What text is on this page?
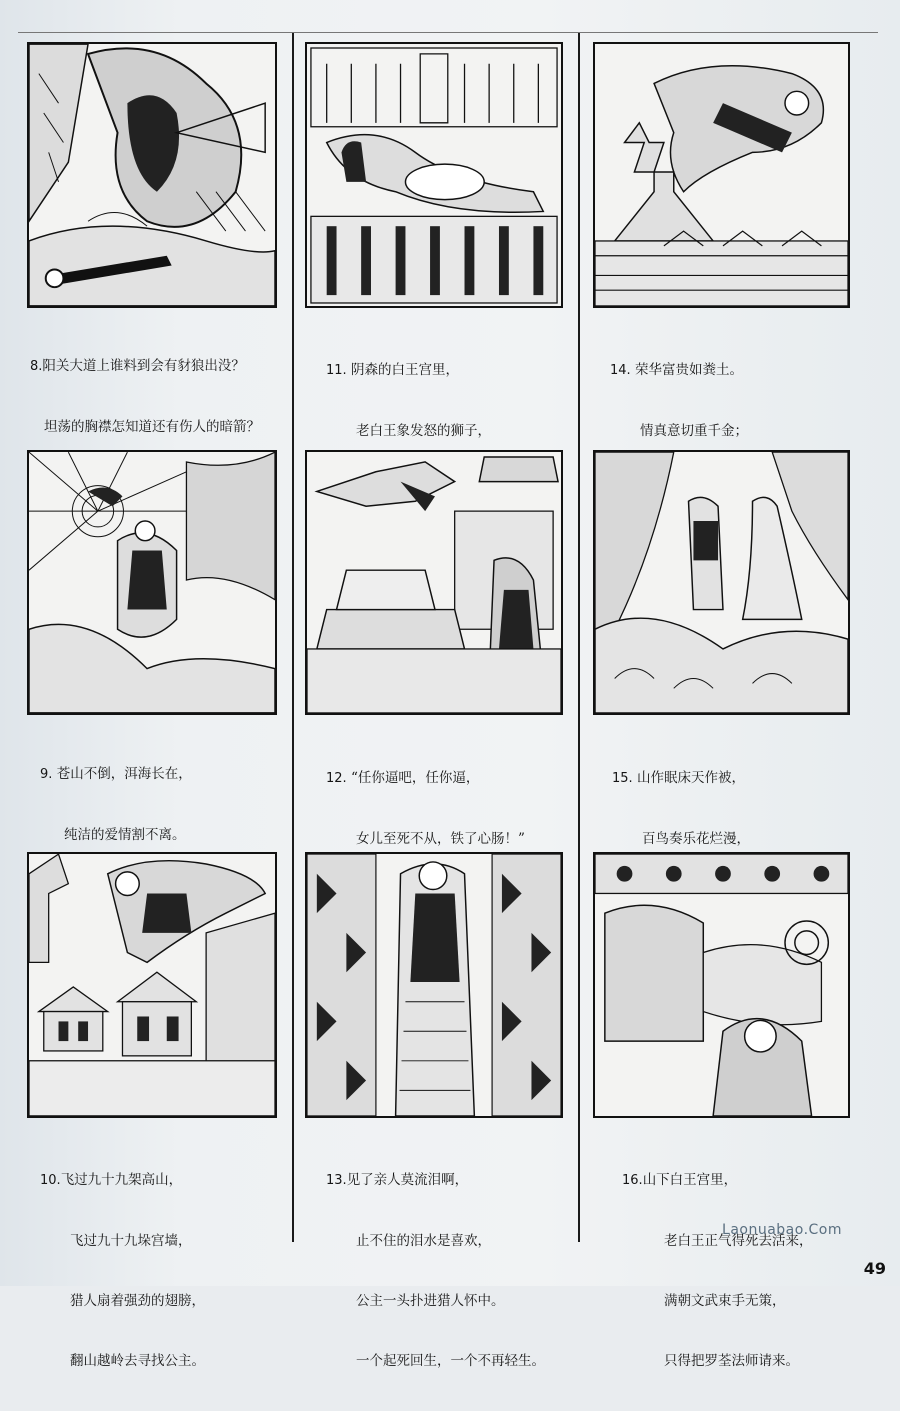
8.阳关大道上谁料到会有豺狼出没？

坦荡的胸襟怎知道还有伤人的暗箭？

11. 阴森的白王宫里，

老白王象发怒的狮子，

14. 荣华富贵如粪土。

情真意切重千金；

9. 苍山不倒，洱海长在，

纯洁的爱情割不离。

12. “任你逼吧，任你逼，

女儿至死不从，铁了心肠！”

15. 山作眠床天作被，

百鸟奏乐花烂漫，

10.飞过九十九架高山，

飞过九十九垛宫墙，

猎人扇着强劲的翅膀，

翻山越岭去寻找公主。

13.见了亲人莫流泪啊，

止不住的泪水是喜欢，

公主一头扑进猎人怀中。

一个起死回生，一个不再轻生。

16.山下白王宫里，

老白王正气得死去活来，

满朝文武束手无策，

只得把罗荃法师请来。

Laonuabao.Com
49
